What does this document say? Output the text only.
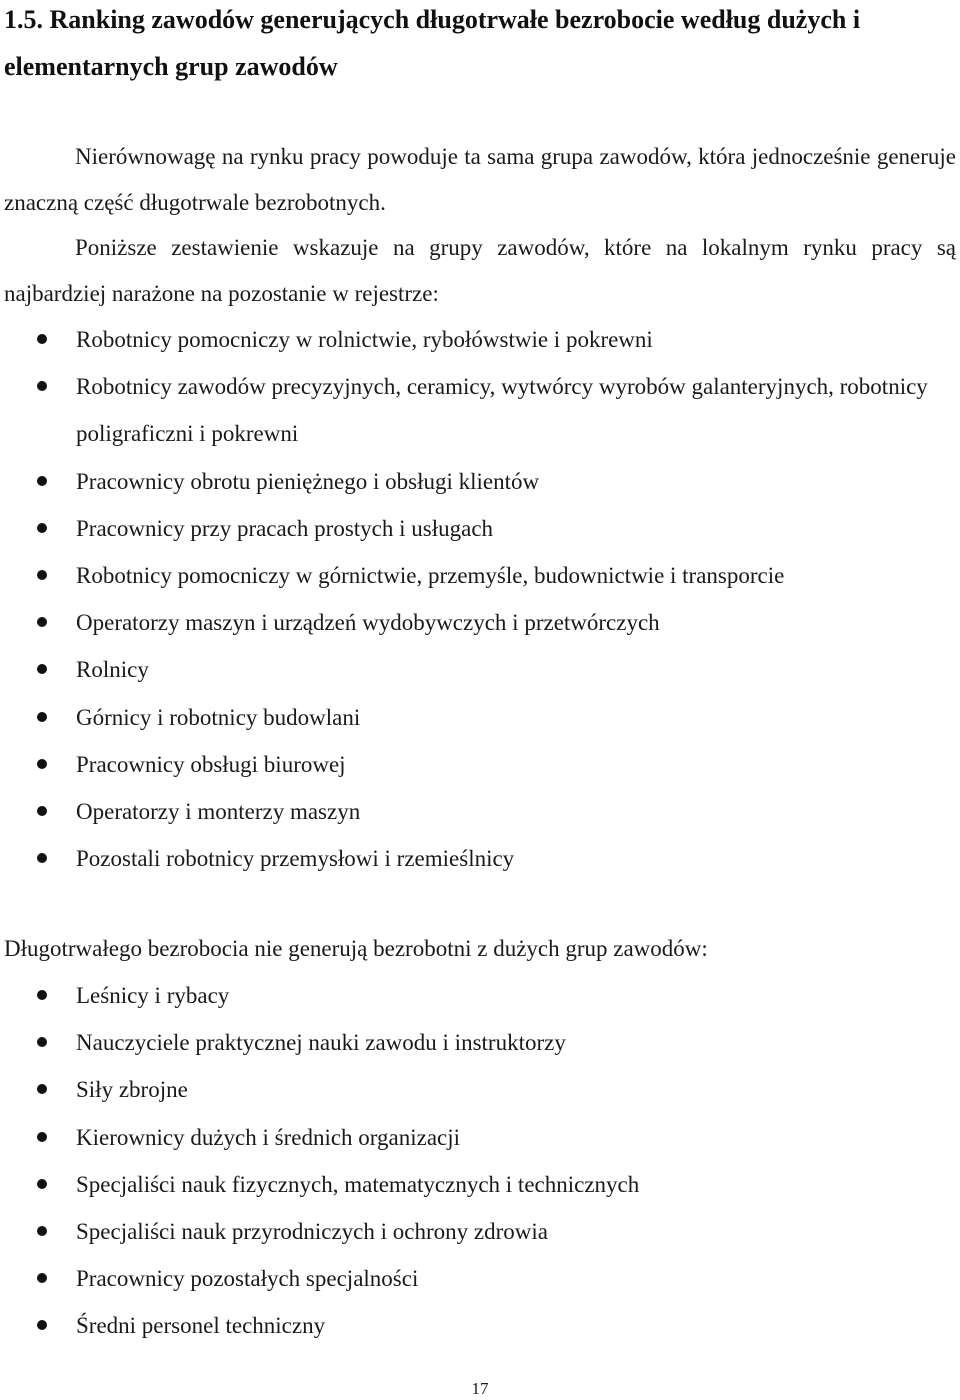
1.5. Ranking zawodów generujących długotrwałe bezrobocie według dużych i elementarnych grup zawodów

Nierównowagę na rynku pracy powoduje ta sama grupa zawodów, która jednocześnie generuje znaczną część długotrwale bezrobotnych.

Poniższe zestawienie wskazuje na grupy zawodów, które na lokalnym rynku pracy są najbardziej narażone na pozostanie w rejestrze:

Robotnicy pomocniczy w rolnictwie, rybołówstwie i pokrewni
Robotnicy zawodów precyzyjnych, ceramicy, wytwórcy wyrobów galanteryjnych, robotnicy poligraficzni i pokrewni
Pracownicy obrotu pieniężnego i obsługi klientów
Pracownicy przy pracach prostych i usługach
Robotnicy pomocniczy w górnictwie, przemyśle, budownictwie i transporcie
Operatorzy maszyn i urządzeń wydobywczych i przetwórczych
Rolnicy
Górnicy i robotnicy budowlani
Pracownicy obsługi biurowej
Operatorzy i monterzy maszyn
Pozostali robotnicy przemysłowi i rzemieślnicy

Długotrwałego bezrobocia nie generują bezrobotni z dużych grup zawodów:

Leśnicy i rybacy
Nauczyciele praktycznej nauki zawodu i instruktorzy
Siły zbrojne
Kierownicy dużych i średnich organizacji
Specjaliści nauk fizycznych, matematycznych i technicznych
Specjaliści nauk przyrodniczych i ochrony zdrowia
Pracownicy pozostałych specjalności
Średni personel techniczny

17
